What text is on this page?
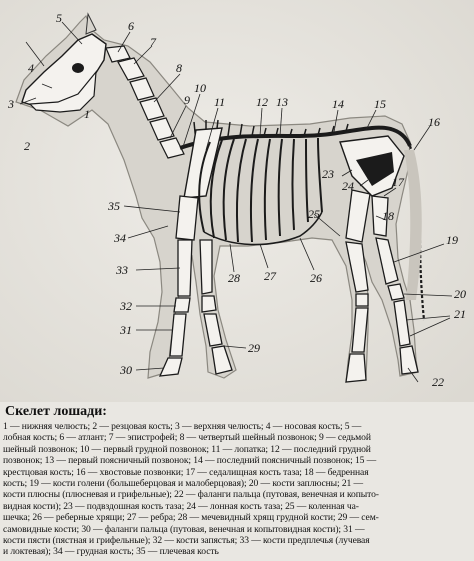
1
2
3
4
5
6
7
8
9
10
11	12 13	14	15
16
17
18
19
20
21
22
23
24
25
26
27
28
29
30
31
32
33
34
35
Скелет лошади:
1 — нижняя челюсть; 2 — резцовая кость; 3 — верхняя челюсть; 4 — носовая кость; 5 —
лобная кость; 6 — атлант; 7 — эпистрофей; 8 — четвертый шейный позвонок; 9 — седьмой
шейный позвонок; 10 — первый грудной позвонок; 11 — лопатка; 12 — последний грудной
позвонок; 13 — первый поясничный позвонок; 14 — последний поясничный позвонок; 15 —
крестцовая кость; 16 — хвостовые позвонки; 17 — седалищная кость таза; 18 — бедренная
кость; 19 — кости голени (большеберцовая и малоберцовая); 20 — кости заплюсны; 21 —
кости плюсны (плюсневая и грифельные); 22 — фаланги пальца (путовая, венечная и копыто-
видная кости); 23 — подвздошная кость таза; 24 — лонная кость таза; 25 — коленная ча-
шечка; 26 — реберные хрящи; 27 — ребра; 28 — мечевидный хрящ грудной кости; 29 — сем-
самовидные кости; 30 — фаланги пальца (путовая, венечная и копытовидная кости); 31 —
кости пясти (пястная и грифельные); 32 — кости запястья; 33 — кости предплечья (лучевая
и локтевая); 34 — грудная кость; 35 — плечевая кость
